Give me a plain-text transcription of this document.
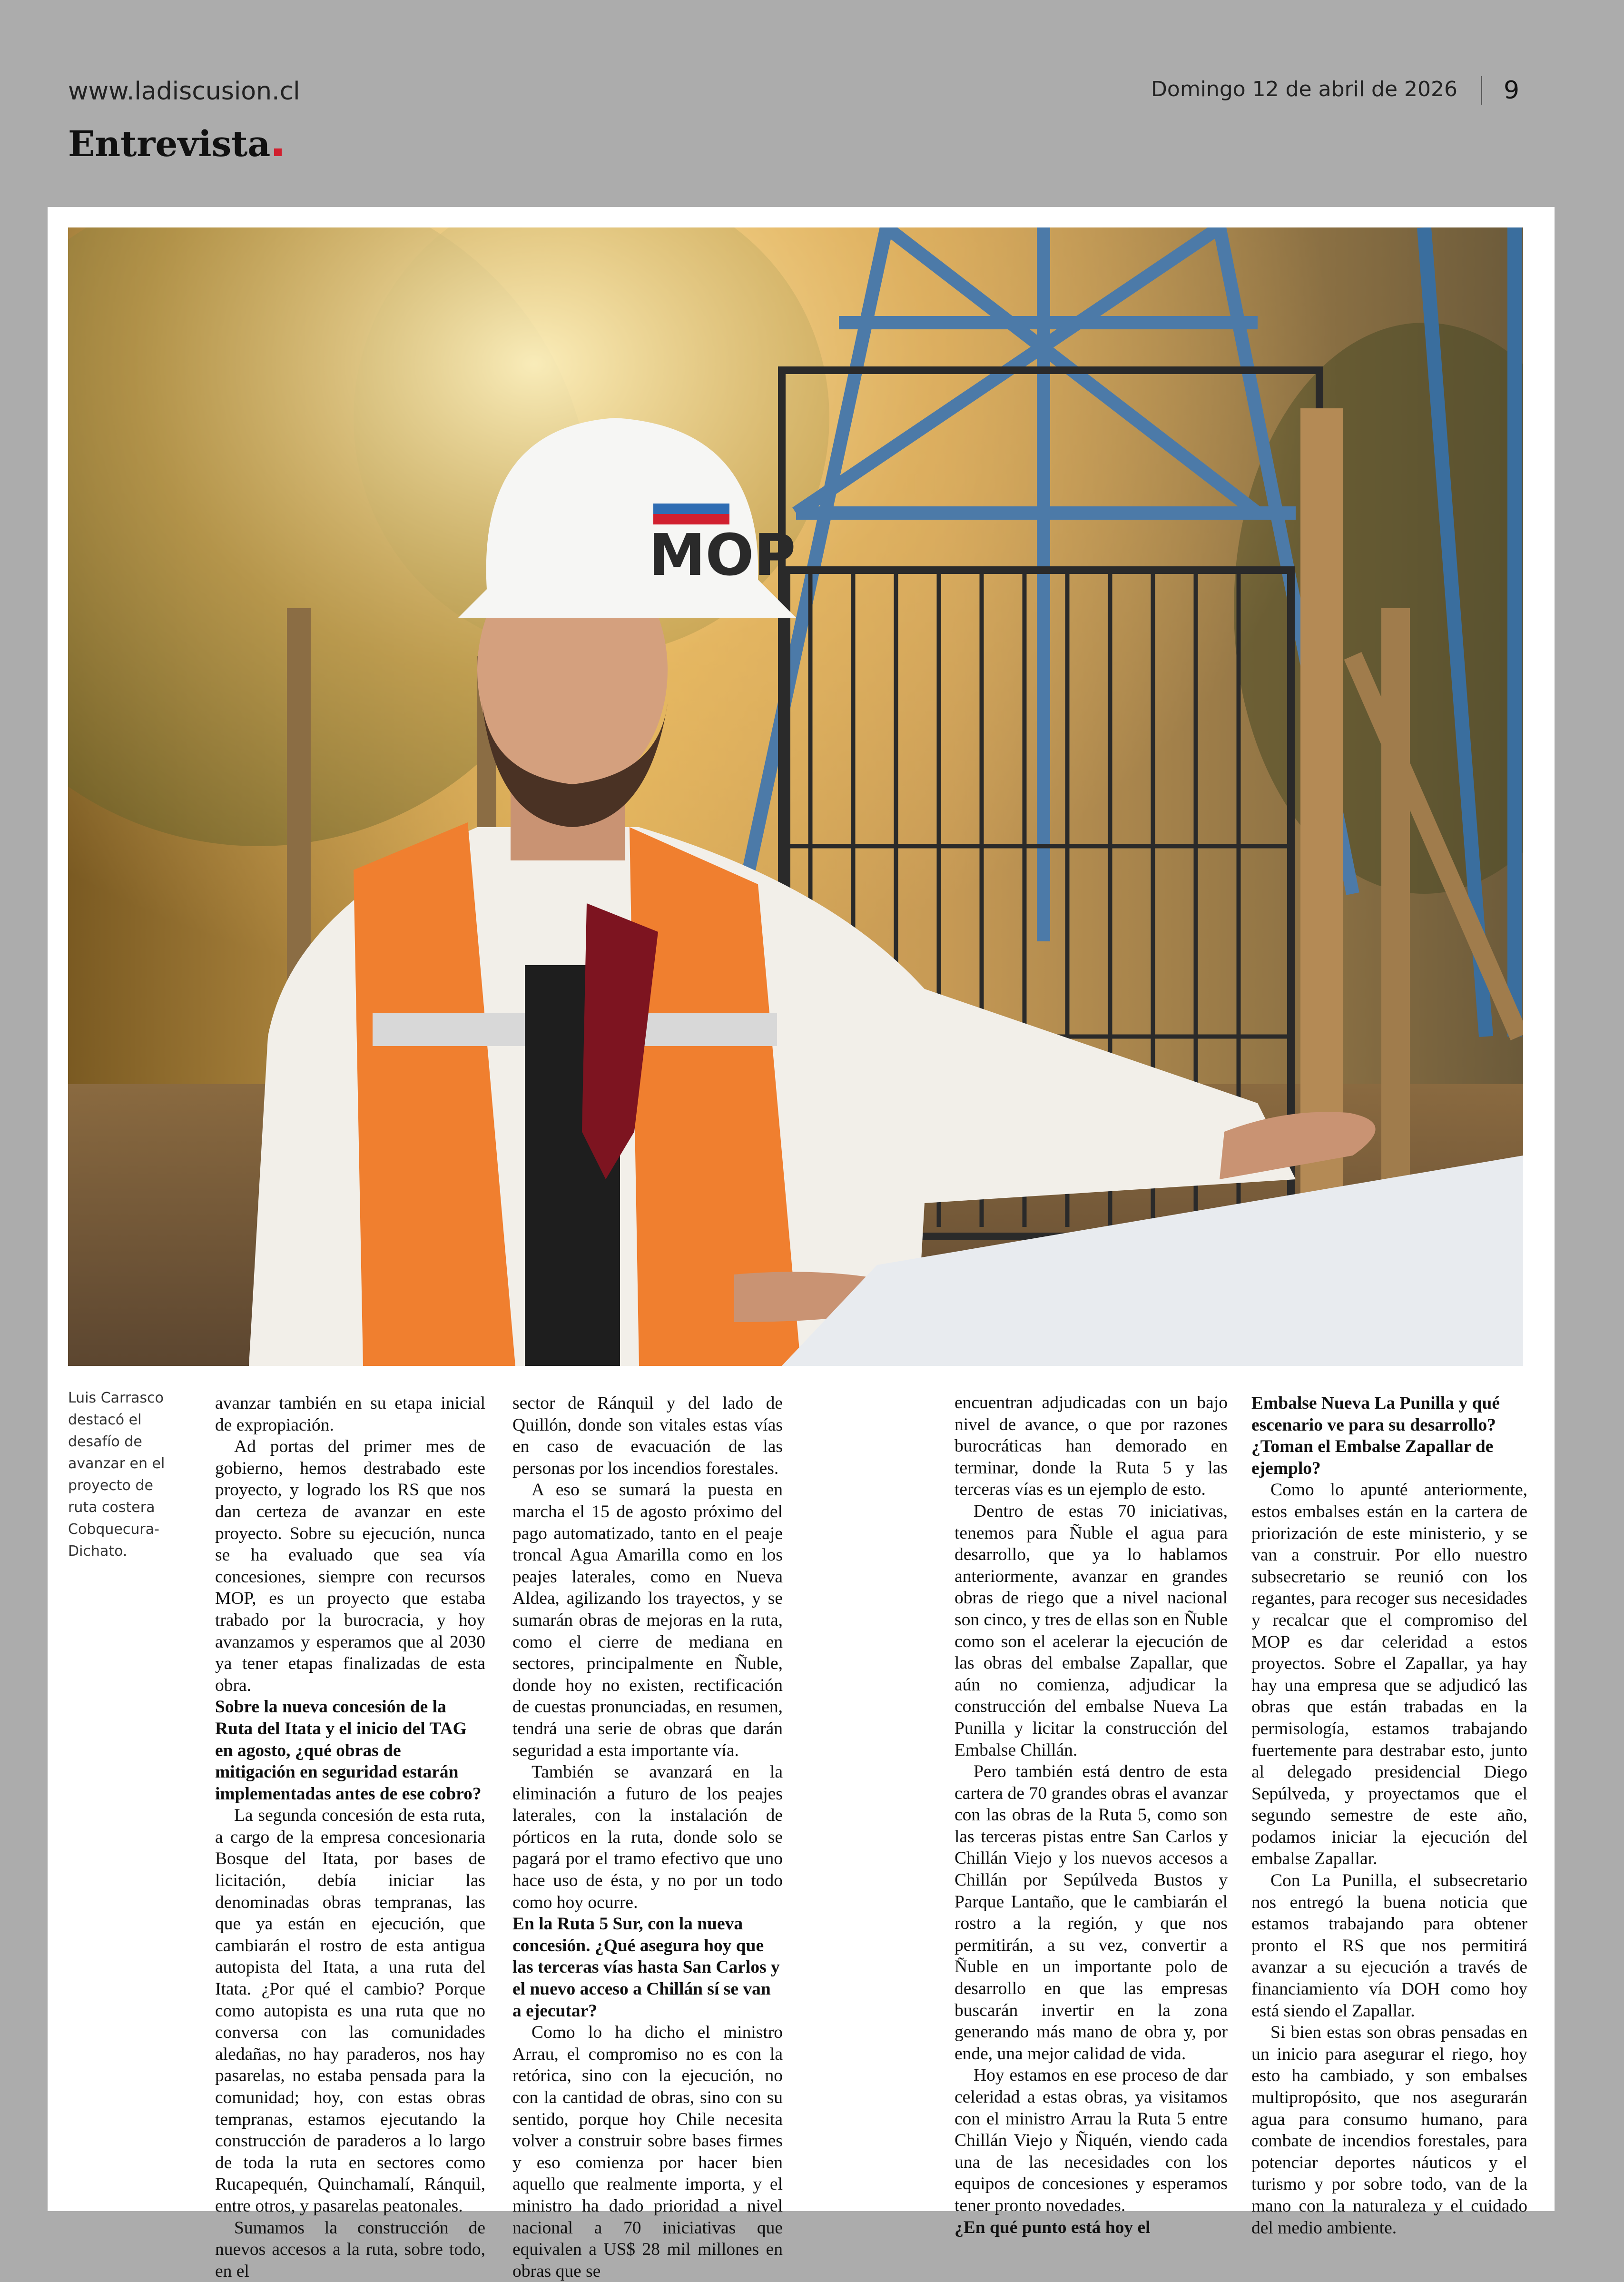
www.ladiscusion.cl	Domingo 12 de abril de 2026 9
Entrevista
MOP
Luis Carrasco destacó el desafío de avanzar en el proyecto de ruta costera Cobquecura-Dichato.

avanzar también en su etapa inicial de expropiación.

Ad portas del primer mes de gobierno, hemos destrabado este proyecto, y logrado los RS que nos dan certeza de avanzar en este proyecto. Sobre su ejecución, nunca se ha evaluado que sea vía concesiones, siempre con recursos MOP, es un proyecto que estaba trabado por la burocracia, y hoy avanzamos y esperamos que al 2030 ya tener etapas finalizadas de esta obra.

Sobre la nueva concesión de la Ruta del Itata y el inicio del TAG en agosto, ¿qué obras de mitigación en seguridad estarán implementadas antes de ese cobro?

La segunda concesión de esta ruta, a cargo de la empresa concesionaria Bosque del Itata, por bases de licitación, debía iniciar las denominadas obras tempranas, las que ya están en ejecución, que cambiarán el rostro de esta antigua autopista del Itata, a una ruta del Itata. ¿Por qué el cambio? Porque como autopista es una ruta que no conversa con las comunidades aledañas, no hay paraderos, nos hay pasarelas, no estaba pensada para la comunidad; hoy, con estas obras tempranas, estamos ejecutando la construcción de paraderos a lo largo de toda la ruta en sectores como Rucapequén, Quinchamalí, Ránquil, entre otros, y pasarelas peatonales.

Sumamos la construcción de nuevos accesos a la ruta, sobre todo, en el

sector de Ránquil y del lado de Quillón, donde son vitales estas vías en caso de evacuación de las personas por los incendios forestales.

A eso se sumará la puesta en marcha el 15 de agosto próximo del pago automatizado, tanto en el peaje troncal Agua Amarilla como en los peajes laterales, como en Nueva Aldea, agilizando los trayectos, y se sumarán obras de mejoras en la ruta, como el cierre de mediana en sectores, principalmente en Ñuble, donde hoy no existen, rectificación de cuestas pronunciadas, en resumen, tendrá una serie de obras que darán seguridad a esta importante vía.

También se avanzará en la eliminación a futuro de los peajes laterales, con la instalación de pórticos en la ruta, donde solo se pagará por el tramo efectivo que uno hace uso de ésta, y no por un todo como hoy ocurre.

En la Ruta 5 Sur, con la nueva concesión. ¿Qué asegura hoy que las terceras vías hasta San Carlos y el nuevo acceso a Chillán sí se van a ejecutar?

Como lo ha dicho el ministro Arrau, el compromiso no es con la retórica, sino con la ejecución, no con la cantidad de obras, sino con su sentido, porque hoy Chile necesita volver a construir sobre bases firmes y eso comienza por hacer bien aquello que realmente importa, y el ministro ha dado prioridad a nivel nacional a 70 iniciativas que equivalen a US$ 28 mil millones en obras que se

encuentran adjudicadas con un bajo nivel de avance, o que por razones burocráticas han demorado en terminar, donde la Ruta 5 y las terceras vías es un ejemplo de esto.

Dentro de estas 70 iniciativas, tenemos para Ñuble el agua para desarrollo, que ya lo hablamos anteriormente, avanzar en grandes obras de riego que a nivel nacional son cinco, y tres de ellas son en Ñuble como son el acelerar la ejecución de las obras del embalse Zapallar, que aún no comienza, adjudicar la construcción del embalse Nueva La Punilla y licitar la construcción del Embalse Chillán.

Pero también está dentro de esta cartera de 70 grandes obras el avanzar con las obras de la Ruta 5, como son las terceras pistas entre San Carlos y Chillán Viejo y los nuevos accesos a Chillán por Sepúlveda Bustos y Parque Lantaño, que le cambiarán el rostro a la región, y que nos permitirán, a su vez, convertir a Ñuble en un importante polo de desarrollo en que las empresas buscarán invertir en la zona generando más mano de obra y, por ende, una mejor calidad de vida.

Hoy estamos en ese proceso de dar celeridad a estas obras, ya visitamos con el ministro Arrau la Ruta 5 entre Chillán Viejo y Ñiquén, viendo cada una de las necesidades con los equipos de concesiones y esperamos tener pronto novedades.

¿En qué punto está hoy el

Embalse Nueva La Punilla y qué escenario ve para su desarrollo? ¿Toman el Embalse Zapallar de ejemplo?

Como lo apunté anteriormente, estos embalses están en la cartera de priorización de este ministerio, y se van a construir. Por ello nuestro subsecretario se reunió con los regantes, para recoger sus necesidades y recalcar que el compromiso del MOP es dar celeridad a estos proyectos. Sobre el Zapallar, ya hay hay una empresa que se adjudicó las obras que están trabadas en la permisología, estamos trabajando fuertemente para destrabar esto, junto al delegado presidencial Diego Sepúlveda, y proyectamos que el segundo semestre de este año, podamos iniciar la ejecución del embalse Zapallar.

Con La Punilla, el subsecretario nos entregó la buena noticia que estamos trabajando para obtener pronto el RS que nos permitirá avanzar a su ejecución a través de financiamiento vía DOH como hoy está siendo el Zapallar.

Si bien estas son obras pensadas en un inicio para asegurar el riego, hoy esto ha cambiado, y son embalses multipropósito, que nos asegurarán agua para consumo humano, para combate de incendios forestales, para potenciar deportes náuticos y el turismo y por sobre todo, van de la mano con la naturaleza y el cuidado del medio ambiente.
